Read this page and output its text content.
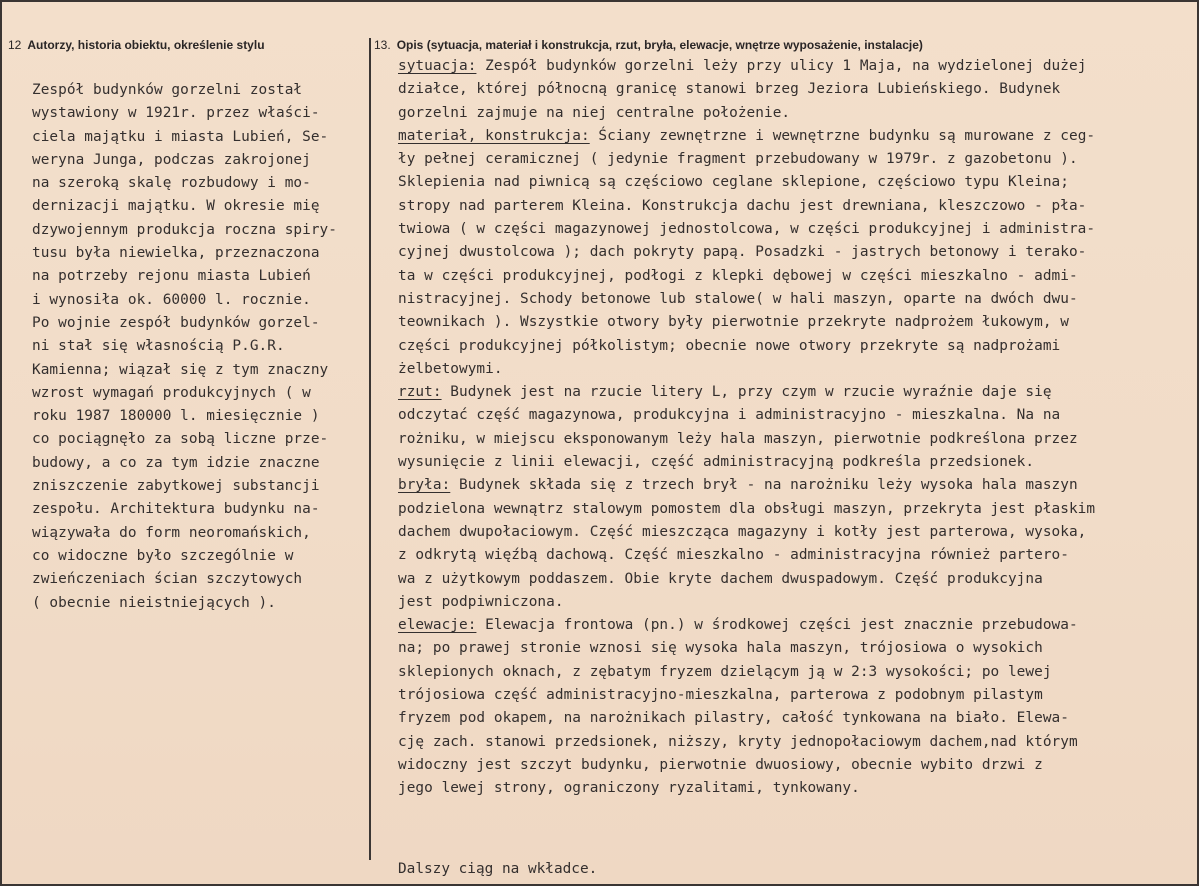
12 Autorzy, historia obiektu, określenie stylu	13. Opis (sytuacja, materiał i konstrukcja, rzut, bryła, elewacje, wnętrze wyposażenie, instalacje)
Zespół budynków gorzelni został
wystawiony w 1921r. przez właści-
ciela majątku i miasta Lubień, Se-
weryna Junga, podczas zakrojonej
na szeroką skalę rozbudowy i mo-
dernizacji majątku. W okresie mię
dzywojennym produkcja roczna spiry-
tusu była niewielka, przeznaczona
na potrzeby rejonu miasta Lubień
i wynosiła ok. 60000 l. rocznie.
Po wojnie zespół budynków gorzel-
ni stał się własnością P.G.R.
Kamienna; wiązał się z tym znaczny
wzrost wymagań produkcyjnych ( w
roku 1987 180000 l. miesięcznie )
co pociągnęło za sobą liczne prze-
budowy, a co za tym idzie znaczne
zniszczenie zabytkowej substancji
zespołu. Architektura budynku na-
wiązywała do form neoromańskich,
co widoczne było szczególnie w
zwieńczeniach ścian szczytowych
( obecnie nieistniejących ).
sytuacja: Zespół budynków gorzelni leży przy ulicy 1 Maja, na wydzielonej dużej
działce, której północną granicę stanowi brzeg Jeziora Lubieńskiego. Budynek
gorzelni zajmuje na niej centralne położenie.
materiał, konstrukcja: Ściany zewnętrzne i wewnętrzne budynku są murowane z ceg-
ły pełnej ceramicznej ( jedynie fragment przebudowany w 1979r. z gazobetonu ).
Sklepienia nad piwnicą są częściowo ceglane sklepione, częściowo typu Kleina;
stropy nad parterem Kleina. Konstrukcja dachu jest drewniana, kleszczowo - pła-
twiowa ( w części magazynowej jednostolcowa, w części produkcyjnej i administra-
cyjnej dwustolcowa ); dach pokryty papą. Posadzki - jastrych betonowy i terako-
ta w części produkcyjnej, podłogi z klepki dębowej w części mieszkalno - admi-
nistracyjnej. Schody betonowe lub stalowe( w hali maszyn, oparte na dwóch dwu-
teownikach ). Wszystkie otwory były pierwotnie przekryte nadprożem łukowym, w
części produkcyjnej półkolistym; obecnie nowe otwory przekryte są nadprożami
żelbetowymi.
rzut: Budynek jest na rzucie litery L, przy czym w rzucie wyraźnie daje się
odczytać część magazynowa, produkcyjna i administracyjno - mieszkalna. Na na
rożniku, w miejscu eksponowanym leży hala maszyn, pierwotnie podkreślona przez
wysunięcie z linii elewacji, część administracyjną podkreśla przedsionek.
bryła: Budynek składa się z trzech brył - na narożniku leży wysoka hala maszyn
podzielona wewnątrz stalowym pomostem dla obsługi maszyn, przekryta jest płaskim
dachem dwupołaciowym. Część mieszcząca magazyny i kotły jest parterowa, wysoka,
z odkrytą więźbą dachową. Część mieszkalno - administracyjna również partero-
wa z użytkowym poddaszem. Obie kryte dachem dwuspadowym. Część produkcyjna
jest podpiwniczona.
elewacje: Elewacja frontowa (pn.) w środkowej części jest znacznie przebudowa-
na; po prawej stronie wznosi się wysoka hala maszyn, trójosiowa o wysokich
sklepionych oknach, z zębatym fryzem dzielącym ją w 2:3 wysokości; po lewej
trójosiowa część administracyjno-mieszkalna, parterowa z podobnym pilastym
fryzem pod okapem, na narożnikach pilastry, całość tynkowana na biało. Elewa-
cję zach. stanowi przedsionek, niższy, kryty jednopołaciowym dachem,nad którym
widoczny jest szczyt budynku, pierwotnie dwuosiowy, obecnie wybito drzwi z
jego lewej strony, ograniczony ryzalitami, tynkowany.
Dalszy ciąg na wkładce.
